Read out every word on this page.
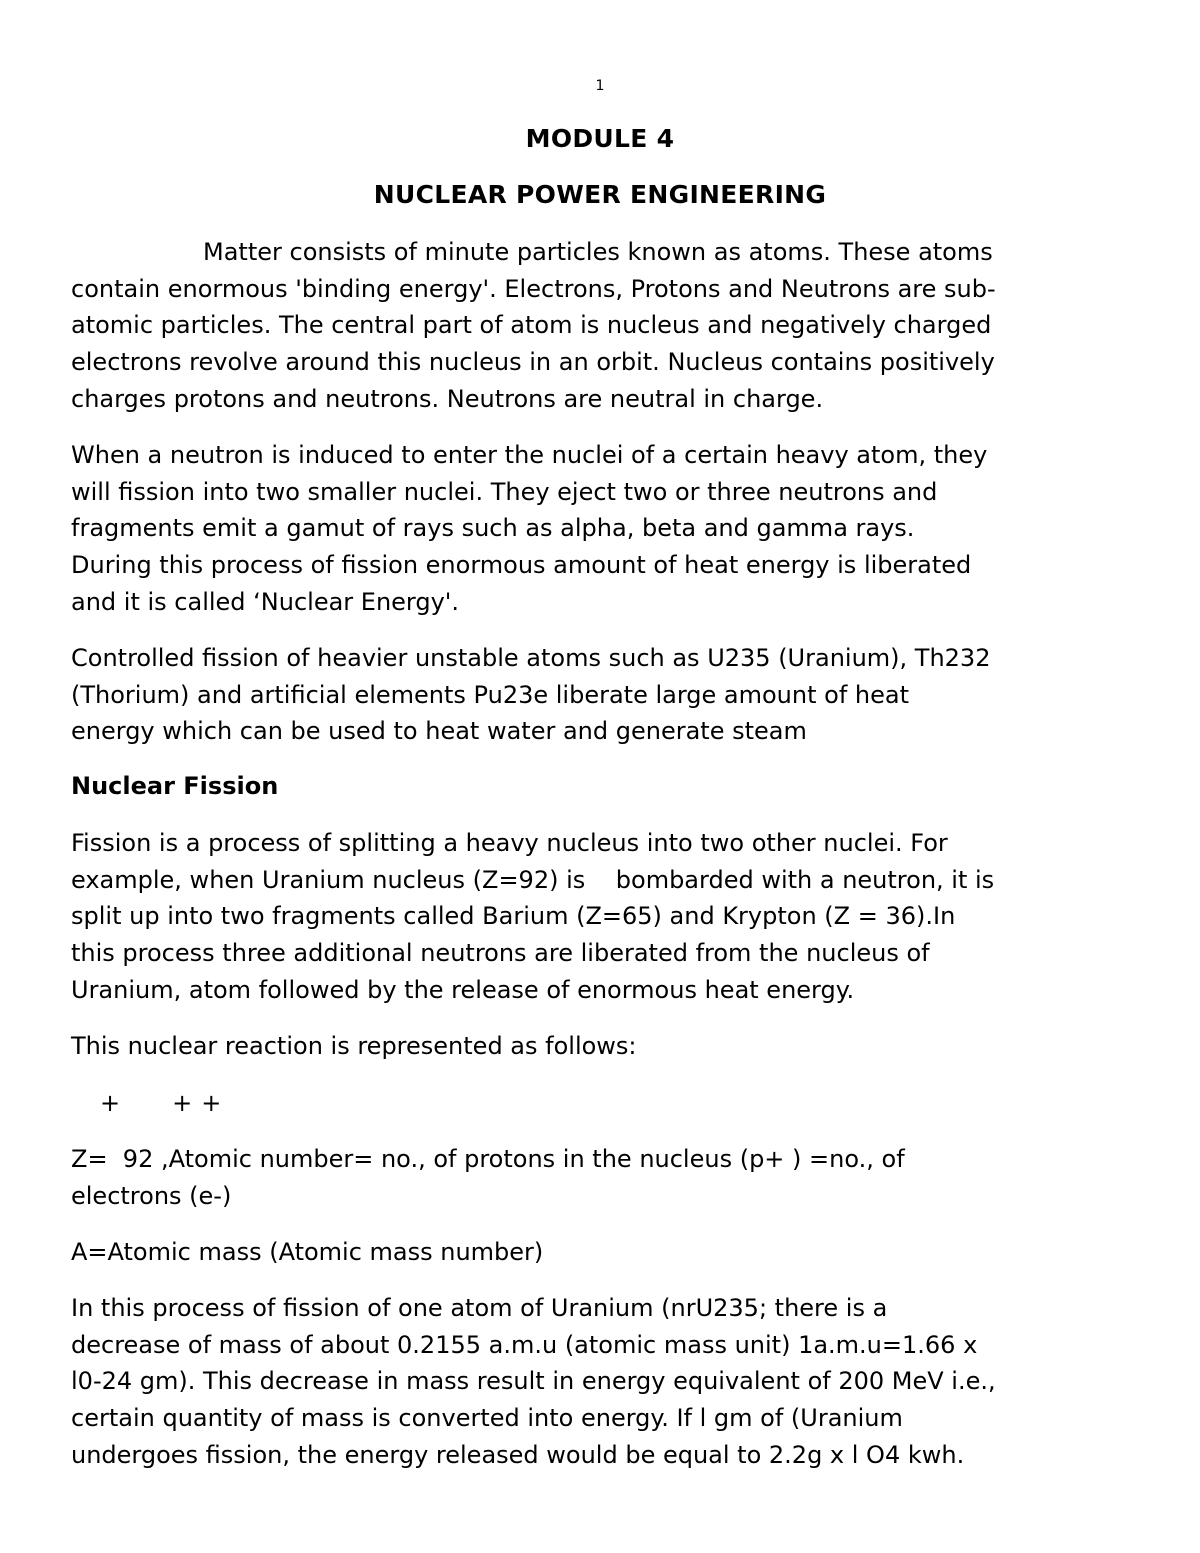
1
MODULE 4
NUCLEAR POWER ENGINEERING

Matter consists of minute particles known as atoms. These atoms
contain enormous 'binding energy'. Electrons, Protons and Neutrons are sub-
atomic particles. The central part of atom is nucleus and negatively charged
electrons revolve around this nucleus in an orbit. Nucleus contains positively
charges protons and neutrons. Neutrons are neutral in charge.

When a neutron is induced to enter the nuclei of a certain heavy atom, they
will fission into two smaller nuclei. They eject two or three neutrons and
fragments emit a gamut of rays such as alpha, beta and gamma rays.
During this process of fission enormous amount of heat energy is liberated
and it is called ‘Nuclear Energy'.

Controlled fission of heavier unstable atoms such as U235 (Uranium), Th232
(Thorium) and artificial elements Pu23e liberate large amount of heat
energy which can be used to heat water and generate steam

Nuclear Fission

Fission is a process of splitting a heavy nucleus into two other nuclei. For
example, when Uranium nucleus (Z=92) is    bombarded with a neutron, it is
split up into two fragments called Barium (Z=65) and Krypton (Z = 36).In
this process three additional neutrons are liberated from the nucleus of
Uranium, atom followed by the release of enormous heat energy.

This nuclear reaction is represented as follows:

+ + +

Z=  92 ,Atomic number= no., of protons in the nucleus (p+ ) =no., of
electrons (e-)

A=Atomic mass (Atomic mass number)

In this process of fission of one atom of Uranium (nrU235; there is a
decrease of mass of about 0.2155 a.m.u (atomic mass unit) 1a.m.u=1.66 x
l0-24 gm). This decrease in mass result in energy equivalent of 200 MeV i.e.,
certain quantity of mass is converted into energy. If l gm of (Uranium
undergoes fission, the energy released would be equal to 2.2g x l O4 kwh.
